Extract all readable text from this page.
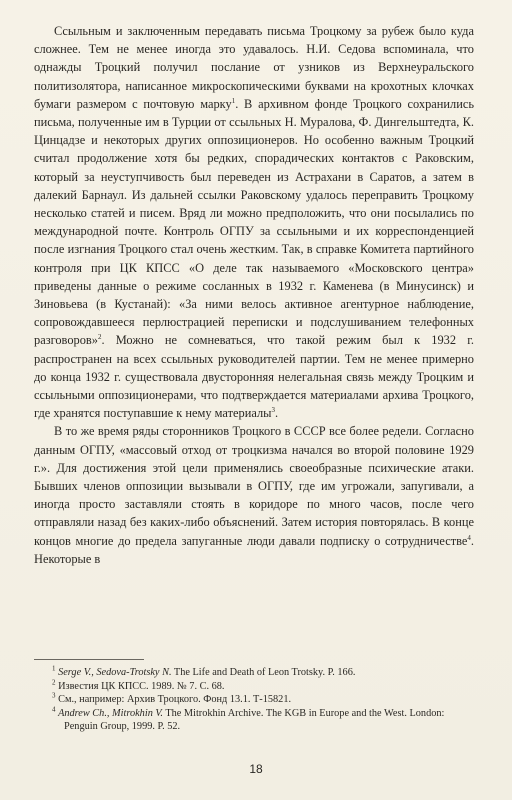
Ссыльным и заключенным передавать письма Троцкому за рубеж было куда сложнее. Тем не менее иногда это удавалось. Н.И. Седова вспоминала, что однажды Троцкий получил послание от узников из Верхнеуральского политизолятора, написанное микроскопическими буквами на крохотных клочках бумаги размером с почтовую марку$^1$. В архивном фонде Троцкого сохранились письма, полученные им в Турции от ссыльных Н. Муралова, Ф. Дингельштедта, К. Цинцадзе и некоторых других оппозиционеров. Но особенно важным Троцкий считал продолжение хотя бы редких, спорадических контактов с Раковским, который за неуступчивость был переведен из Астрахани в Саратов, а затем в далекий Барнаул. Из дальней ссылки Раковскому удалось переправить Троцкому несколько статей и писем. Вряд ли можно предположить, что они посылались по международной почте. Контроль ОГПУ за ссыльными и их корреспонденцией после изгнания Троцкого стал очень жестким. Так, в справке Комитета партийного контроля при ЦК КПСС «О деле так называемого «Московского центра» приведены данные о режиме сосланных в 1932 г. Каменева (в Минусинск) и Зиновьева (в Кустанай): «За ними велось активное агентурное наблюдение, сопровождавшееся перлюстрацией переписки и подслушиванием телефонных разговоров»$^2$. Можно не сомневаться, что такой режим был к 1932 г. распространен на всех ссыльных руководителей партии. Тем не менее примерно до конца 1932 г. существовала двусторонняя нелегальная связь между Троцким и ссыльными оппозиционерами, что подтверждается материалами архива Троцкого, где хранятся поступавшие к нему материалы$^3$.

В то же время ряды сторонников Троцкого в СССР все более редели. Согласно данным ОГПУ, «массовый отход от троцкизма начался во второй половине 1929 г.». Для достижения этой цели применялись своеобразные психические атаки. Бывших членов оппозиции вызывали в ОГПУ, где им угрожали, запугивали, а иногда просто заставляли стоять в коридоре по много часов, после чего отправляли назад без каких-либо объяснений. Затем история повторялась. В конце концов многие до предела запуганные люди давали подписку о сотрудничестве$^4$. Некоторые в

$^1$ Serge V., Sedova-Trotsky N. The Life and Death of Leon Trotsky. P. 166.
$^2$ Известия ЦК КПСС. 1989. № 7. С. 68.
$^3$ См., например: Архив Троцкого. Фонд 13.1. Т-15821.
$^4$ Andrew Ch., Mitrokhin V. The Mitrokhin Archive. The KGB in Europe and the West. London: Penguin Group, 1999. P. 52.
18
